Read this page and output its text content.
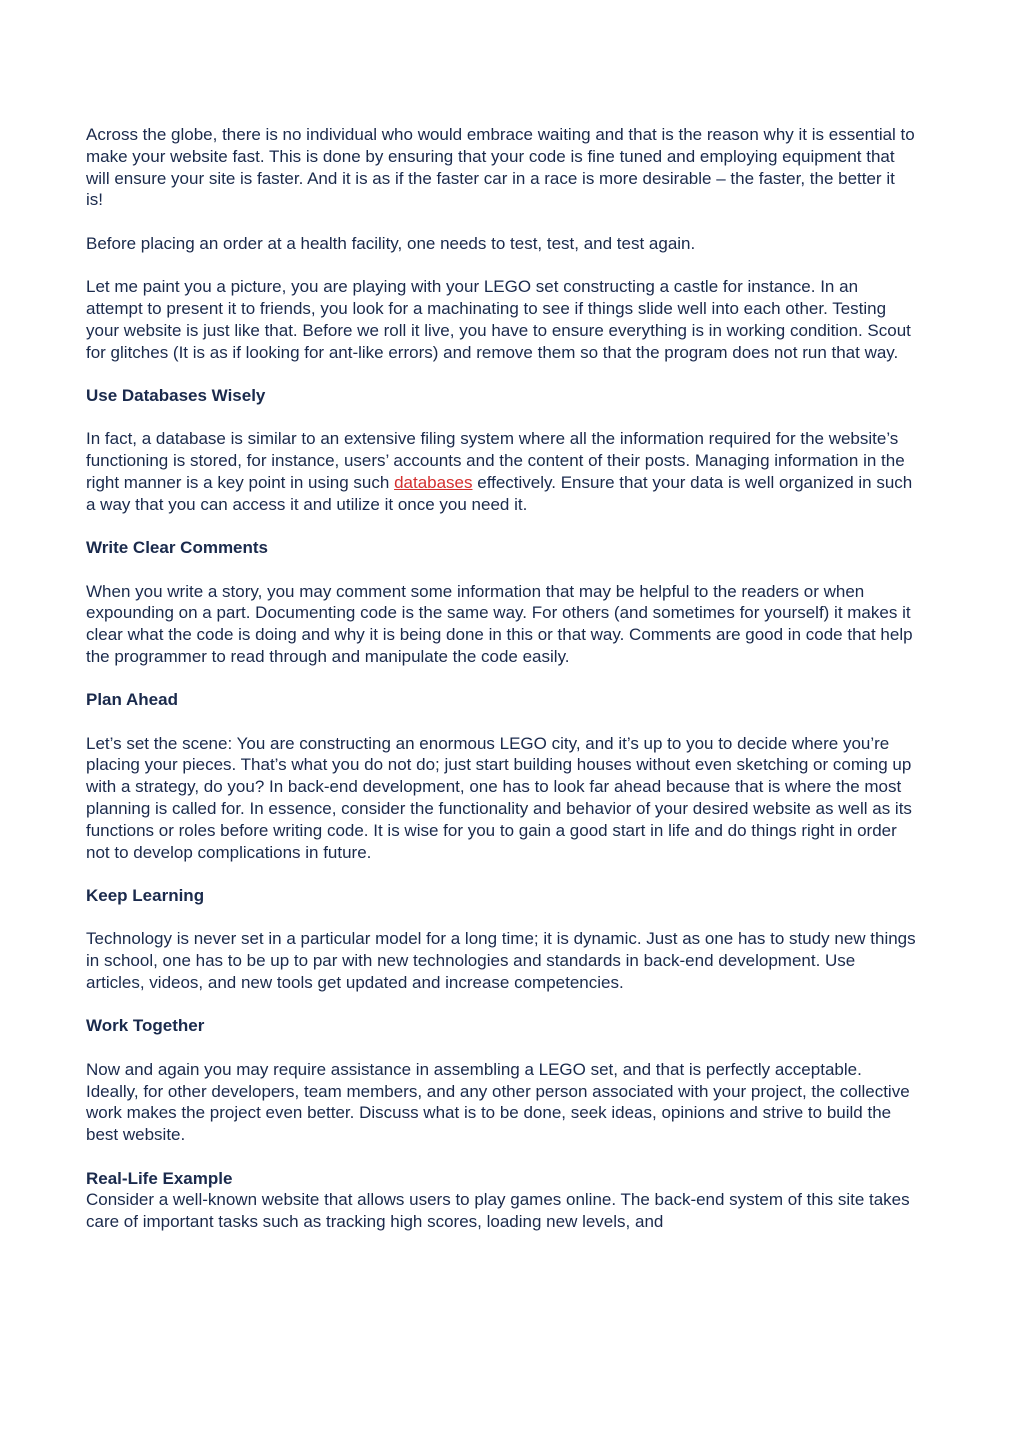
Across the globe, there is no individual who would embrace waiting and that is the reason why it is essential to make your website fast. This is done by ensuring that your code is fine tuned and employing equipment that will ensure your site is faster. And it is as if the faster car in a race is more desirable – the faster, the better it is!

Before placing an order at a health facility, one needs to test, test, and test again.

Let me paint you a picture, you are playing with your LEGO set constructing a castle for instance. In an attempt to present it to friends, you look for a machinating to see if things slide well into each other. Testing your website is just like that. Before we roll it live, you have to ensure everything is in working condition. Scout for glitches (It is as if looking for ant-like errors) and remove them so that the program does not run that way.

Use Databases Wisely

In fact, a database is similar to an extensive filing system where all the information required for the website’s functioning is stored, for instance, users’ accounts and the content of their posts. Managing information in the right manner is a key point in using such databases effectively. Ensure that your data is well organized in such a way that you can access it and utilize it once you need it.

Write Clear Comments

When you write a story, you may comment some information that may be helpful to the readers or when expounding on a part. Documenting code is the same way. For others (and sometimes for yourself) it makes it clear what the code is doing and why it is being done in this or that way. Comments are good in code that help the programmer to read through and manipulate the code easily.

Plan Ahead

Let’s set the scene: You are constructing an enormous LEGO city, and it’s up to you to decide where you’re placing your pieces. That’s what you do not do; just start building houses without even sketching or coming up with a strategy, do you? In back-end development, one has to look far ahead because that is where the most planning is called for. In essence, consider the functionality and behavior of your desired website as well as its functions or roles before writing code. It is wise for you to gain a good start in life and do things right in order not to develop complications in future.

Keep Learning

Technology is never set in a particular model for a long time; it is dynamic. Just as one has to study new things in school, one has to be up to par with new technologies and standards in back-end development. Use articles, videos, and new tools get updated and increase competencies.

Work Together

Now and again you may require assistance in assembling a LEGO set, and that is perfectly acceptable. Ideally, for other developers, team members, and any other person associated with your project, the collective work makes the project even better. Discuss what is to be done, seek ideas, opinions and strive to build the best website.

Real-Life Example

Consider a well-known website that allows users to play games online. The back-end system of this site takes care of important tasks such as tracking high scores, loading new levels, and
